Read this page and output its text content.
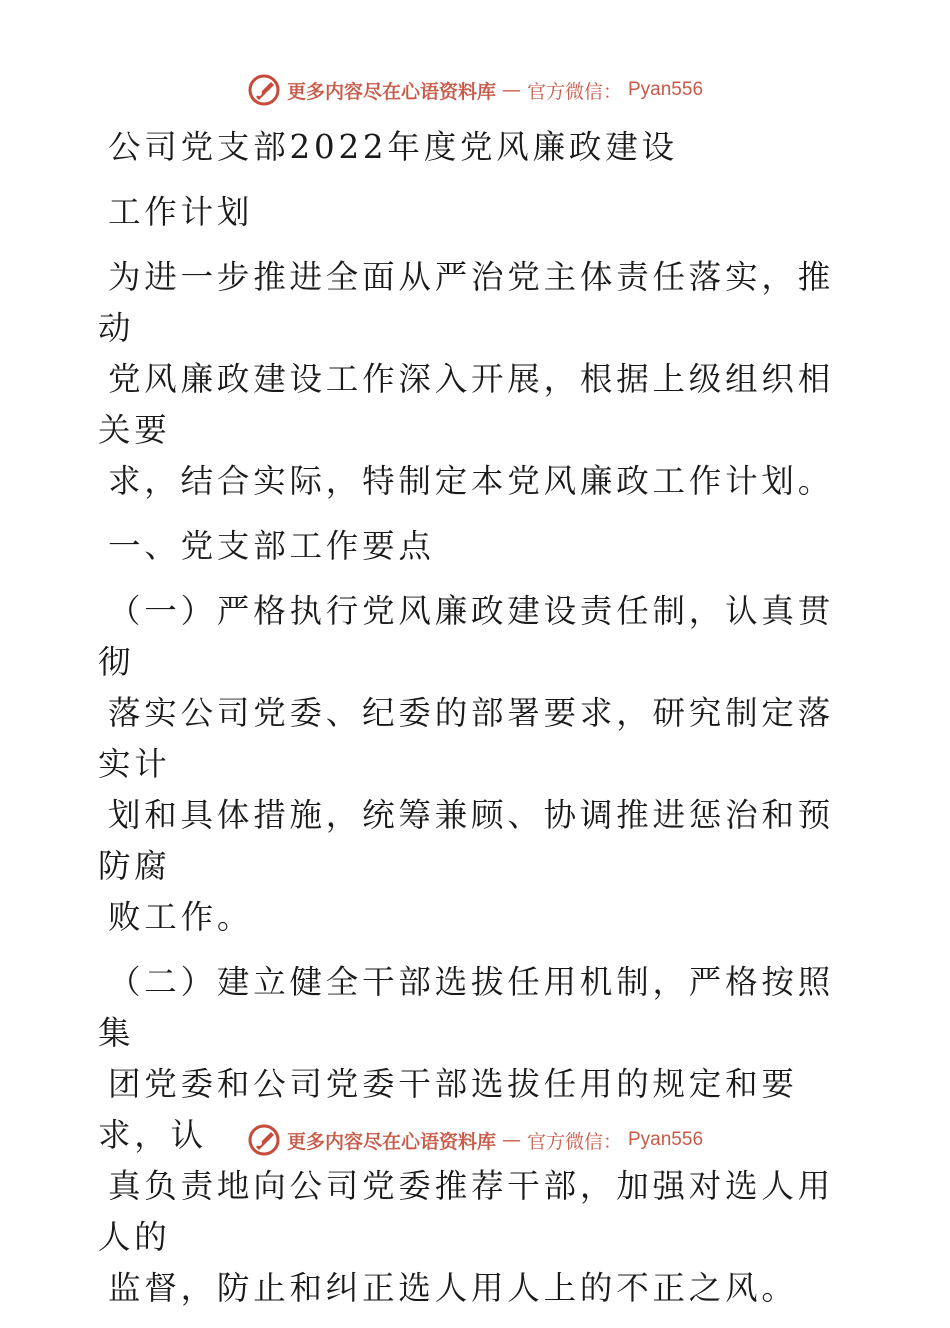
更多内容尽在心语资料库 — 官方微信： Pyan556
公司党支部2022年度党风廉政建设
工作计划

为进一步推进全面从严治党主体责任落实，推动

党风廉政建设工作深入开展，根据上级组织相关要

求，结合实际，特制定本党风廉政工作计划。

一、党支部工作要点

（一）严格执行党风廉政建设责任制，认真贯彻

落实公司党委、纪委的部署要求，研究制定落实计

划和具体措施，统筹兼顾、协调推进惩治和预防腐

败工作。

（二）建立健全干部选拔任用机制，严格按照集

团党委和公司党委干部选拔任用的规定和要求，认

真负责地向公司党委推荐干部，加强对选人用人的

监督，防止和纠正选人用人上的不正之风。

更多内容尽在心语资料库 — 官方微信： Pyan556
